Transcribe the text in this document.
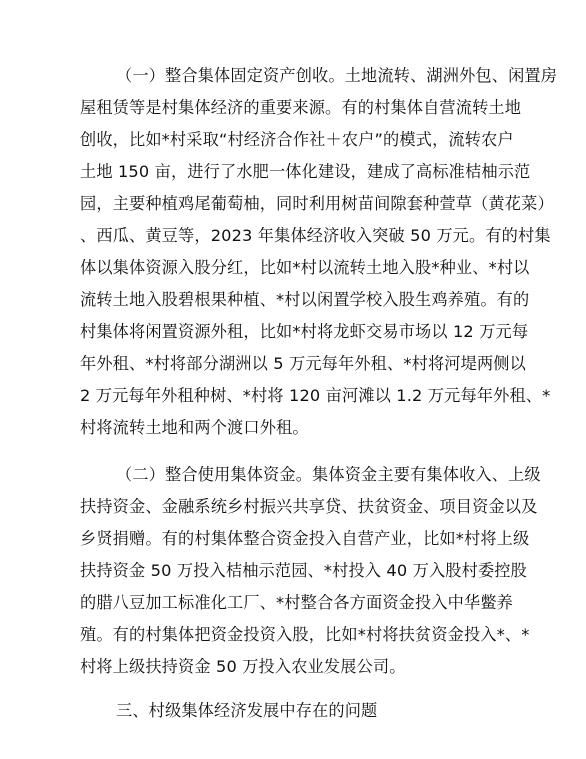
（一）整合集体固定资产创收。土地流转、湖洲外包、闲置房
屋租赁等是村集体经济的重要来源。有的村集体自营流转土地
创收，比如*村采取“村经济合作社＋农户”的模式，流转农户
土地 150 亩，进行了水肥一体化建设，建成了高标准桔柚示范
园，主要种植鸡尾葡萄柚，同时利用树苗间隙套种萱草（黄花菜）
、西瓜、黄豆等，2023 年集体经济收入突破 50 万元。有的村集
体以集体资源入股分红，比如*村以流转土地入股*种业、*村以
流转土地入股碧根果种植、*村以闲置学校入股生鸡养殖。有的
村集体将闲置资源外租，比如*村将龙虾交易市场以 12 万元每
年外租、*村将部分湖洲以 5 万元每年外租、*村将河堤两侧以
2 万元每年外租种树、*村将 120 亩河滩以 1.2 万元每年外租、*
村将流转土地和两个渡口外租。
（二）整合使用集体资金。集体资金主要有集体收入、上级
扶持资金、金融系统乡村振兴共享贷、扶贫资金、项目资金以及
乡贤捐赠。有的村集体整合资金投入自营产业，比如*村将上级
扶持资金 50 万投入桔柚示范园、*村投入 40 万入股村委控股
的腊八豆加工标准化工厂、*村整合各方面资金投入中华鳖养
殖。有的村集体把资金投资入股，比如*村将扶贫资金投入*、*
村将上级扶持资金 50 万投入农业发展公司。
三、村级集体经济发展中存在的问题
